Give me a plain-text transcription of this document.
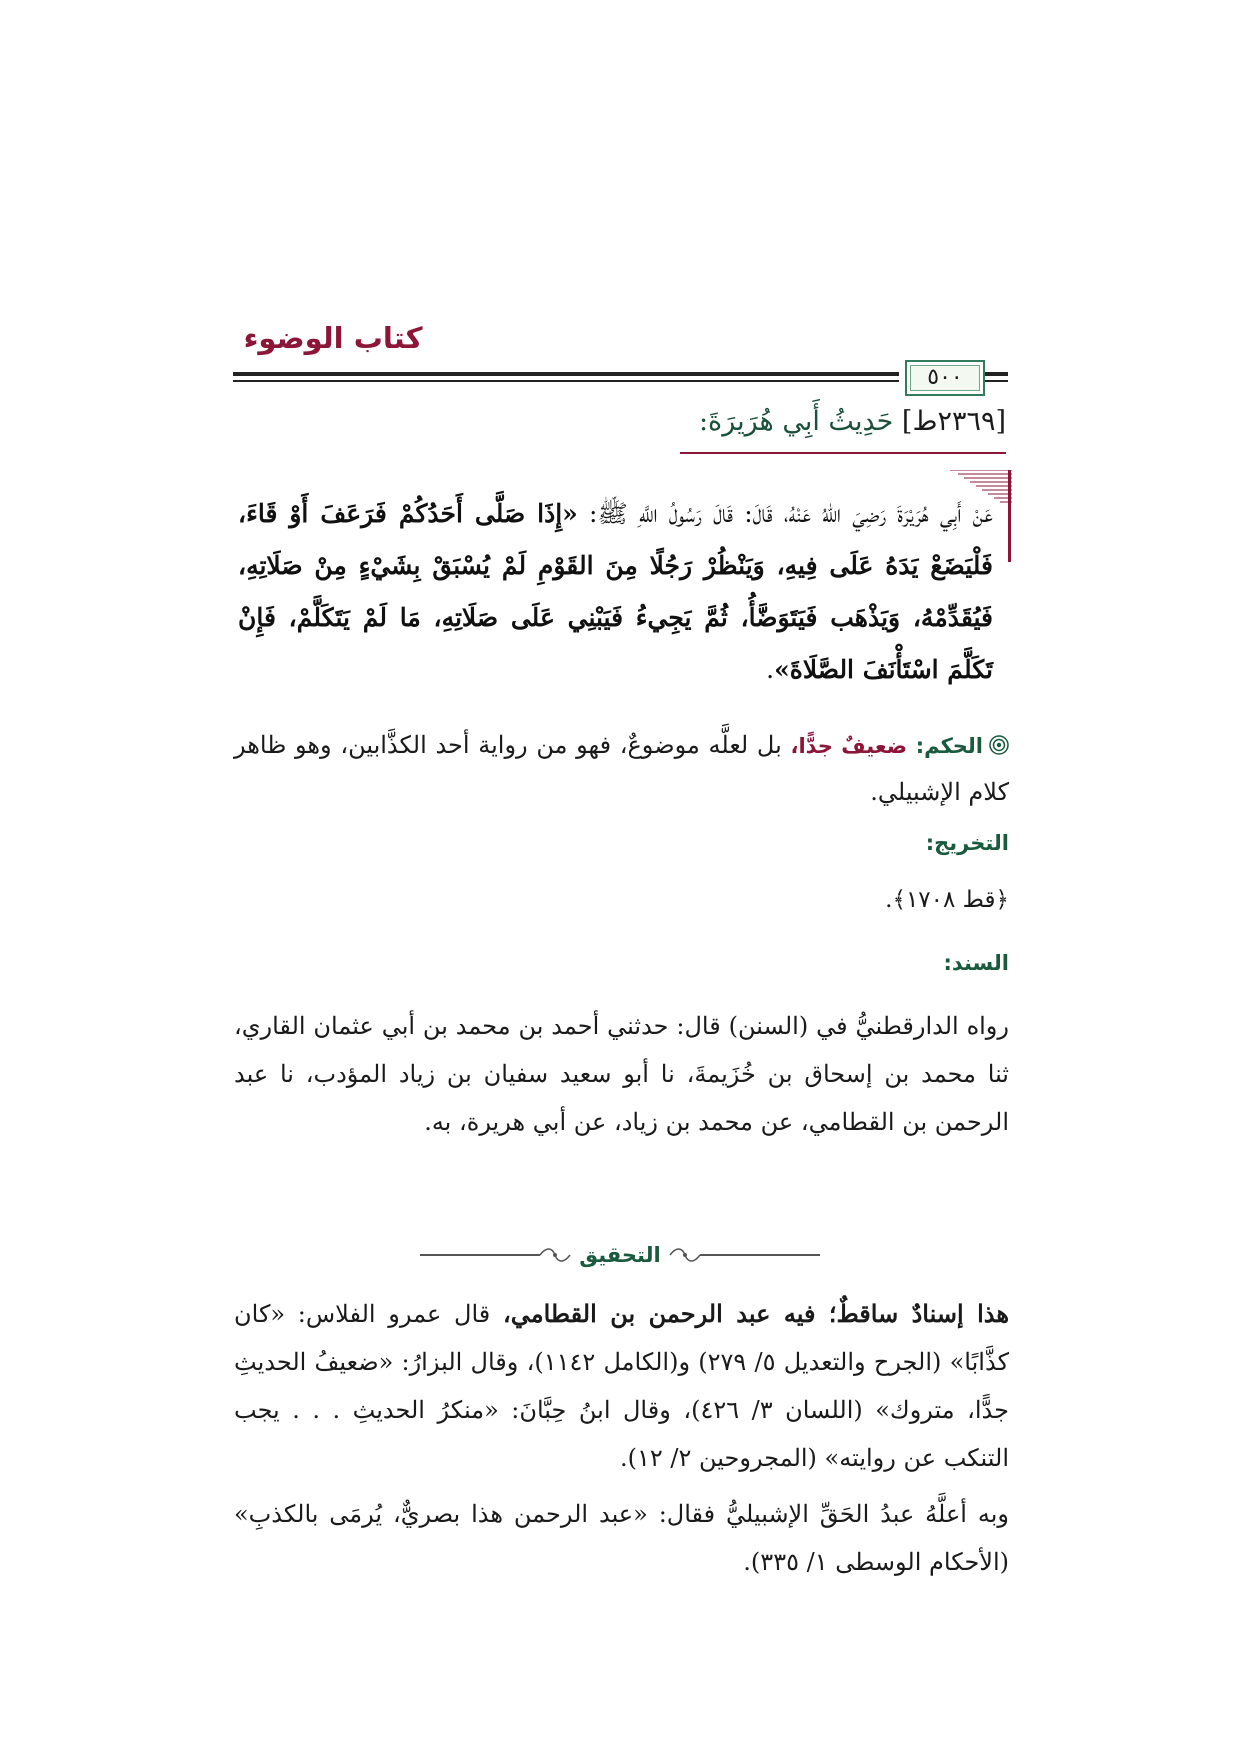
كتاب الوضوء
٥٠٠
[٢٣٦٩ط] حَدِيثُ أَبِي هُرَيرَةَ:
عَنْ أَبِي هُرَيْرَةَ رَضِيَ اللهُ عَنْهُ، قَالَ: قَالَ رَسُولُ اللَّهِ ﷺ: «إِذَا صَلَّى أَحَدُكُمْ فَرَعَفَ أَوْ قَاءَ، فَلْيَضَعْ يَدَهُ عَلَى فِيهِ، وَيَنْظُرْ رَجُلًا مِنَ القَوْمِ لَمْ يُسْبَقْ بِشَيْءٍ مِنْ صَلَاتِهِ، فَيُقَدِّمْهُ، وَيَذْهَب فَيَتَوَضَّأُ، ثُمَّ يَجِيءُ فَيَبْنِي عَلَى صَلَاتِهِ، مَا لَمْ يَتَكَلَّمْ، فَإِنْ تَكَلَّمَ اسْتَأْنَفَ الصَّلَاةَ».
الحكم: ضعيفٌ جدًّا، بل لعلَّه موضوعٌ، فهو من رواية أحد الكذَّابين، وهو ظاهر كلام الإشبيلي.
التخريج:
﴿قط ١٧٠٨﴾.
السند:
رواه الدارقطنيُّ في (السنن) قال: حدثني أحمد بن محمد بن أبي عثمان القاري، ثنا محمد بن إسحاق بن خُزَيمةَ، نا أبو سعيد سفيان بن زياد المؤدب، نا عبد الرحمن بن القطامي، عن محمد بن زياد، عن أبي هريرة، به.
التحقيق
هذا إسنادٌ ساقطٌ؛ فيه عبد الرحمن بن القطامي، قال عمرو الفلاس: «كان كذَّابًا» (الجرح والتعديل ٥/ ٢٧٩) و(الكامل ١١٤٢)، وقال البزارُ: «ضعيفُ الحديثِ جدًّا، متروك» (اللسان ٣/ ٤٢٦)، وقال ابنُ حِبَّانَ: «منكرُ الحديثِ . . . يجب التنكب عن روايته» (المجروحين ٢/ ١٢).
وبه أعلَّهُ عبدُ الحَقِّ الإشبيليُّ فقال: «عبد الرحمن هذا بصريٌّ، يُرمَى بالكذبِ» (الأحكام الوسطى ١/ ٣٣٥).
